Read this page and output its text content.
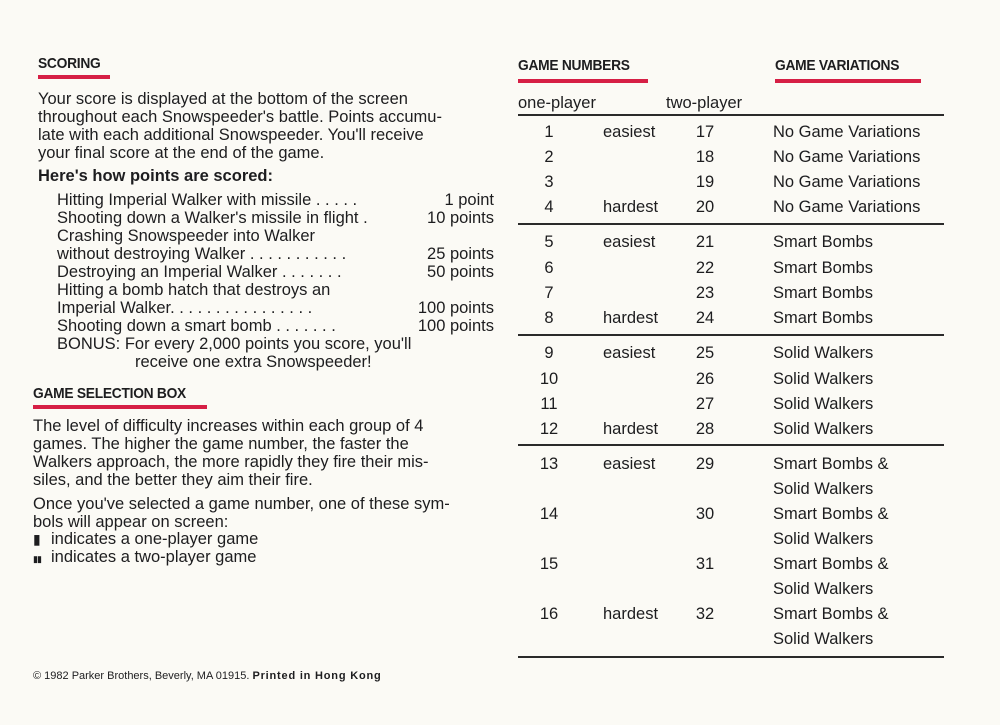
SCORING
Your score is displayed at the bottom of the screen
throughout each Snowspeeder's battle. Points accumu-
late with each additional Snowspeeder. You'll receive
your final score at the end of the game.
Here's how points are scored:
Hitting Imperial Walker with missile . . . . .	1 point
Shooting down a Walker's missile in flight .	10 points
Crashing Snowspeeder into Walker
without destroying Walker . . . . . . . . . . .	25 points
Destroying an Imperial Walker . . . . . . .	50 points
Hitting a bomb hatch that destroys an
Imperial Walker. . . . . . . . . . . . . . . .	100 points
Shooting down a smart bomb . . . . . . .	100 points
BONUS: For every 2,000 points you score, you'll
receive one extra Snowspeeder!
GAME SELECTION BOX
The level of difficulty increases within each group of 4
games. The higher the game number, the faster the
Walkers approach, the more rapidly they fire their mis-
siles, and the better they aim their fire.
Once you've selected a game number, one of these sym-
bols will appear on screen:
▮ indicates a one-player game
▮▮ indicates a two-player game
GAME NUMBERS	GAME VARIATIONS
one-player	two-player
1	easiest	17	No Game Variations
2	18	No Game Variations
3	19	No Game Variations
4	hardest	20	No Game Variations
5	easiest	21	Smart Bombs
6	22	Smart Bombs
7	23	Smart Bombs
8	hardest	24	Smart Bombs
9	easiest	25	Solid Walkers
10	26	Solid Walkers
11	27	Solid Walkers
12	hardest	28	Solid Walkers
13	easiest	29	Smart Bombs &
Solid Walkers
14	30	Smart Bombs &
Solid Walkers
15	31	Smart Bombs &
Solid Walkers
16	hardest	32	Smart Bombs &
Solid Walkers
© 1982 Parker Brothers, Beverly, MA 01915. Printed in Hong Kong
